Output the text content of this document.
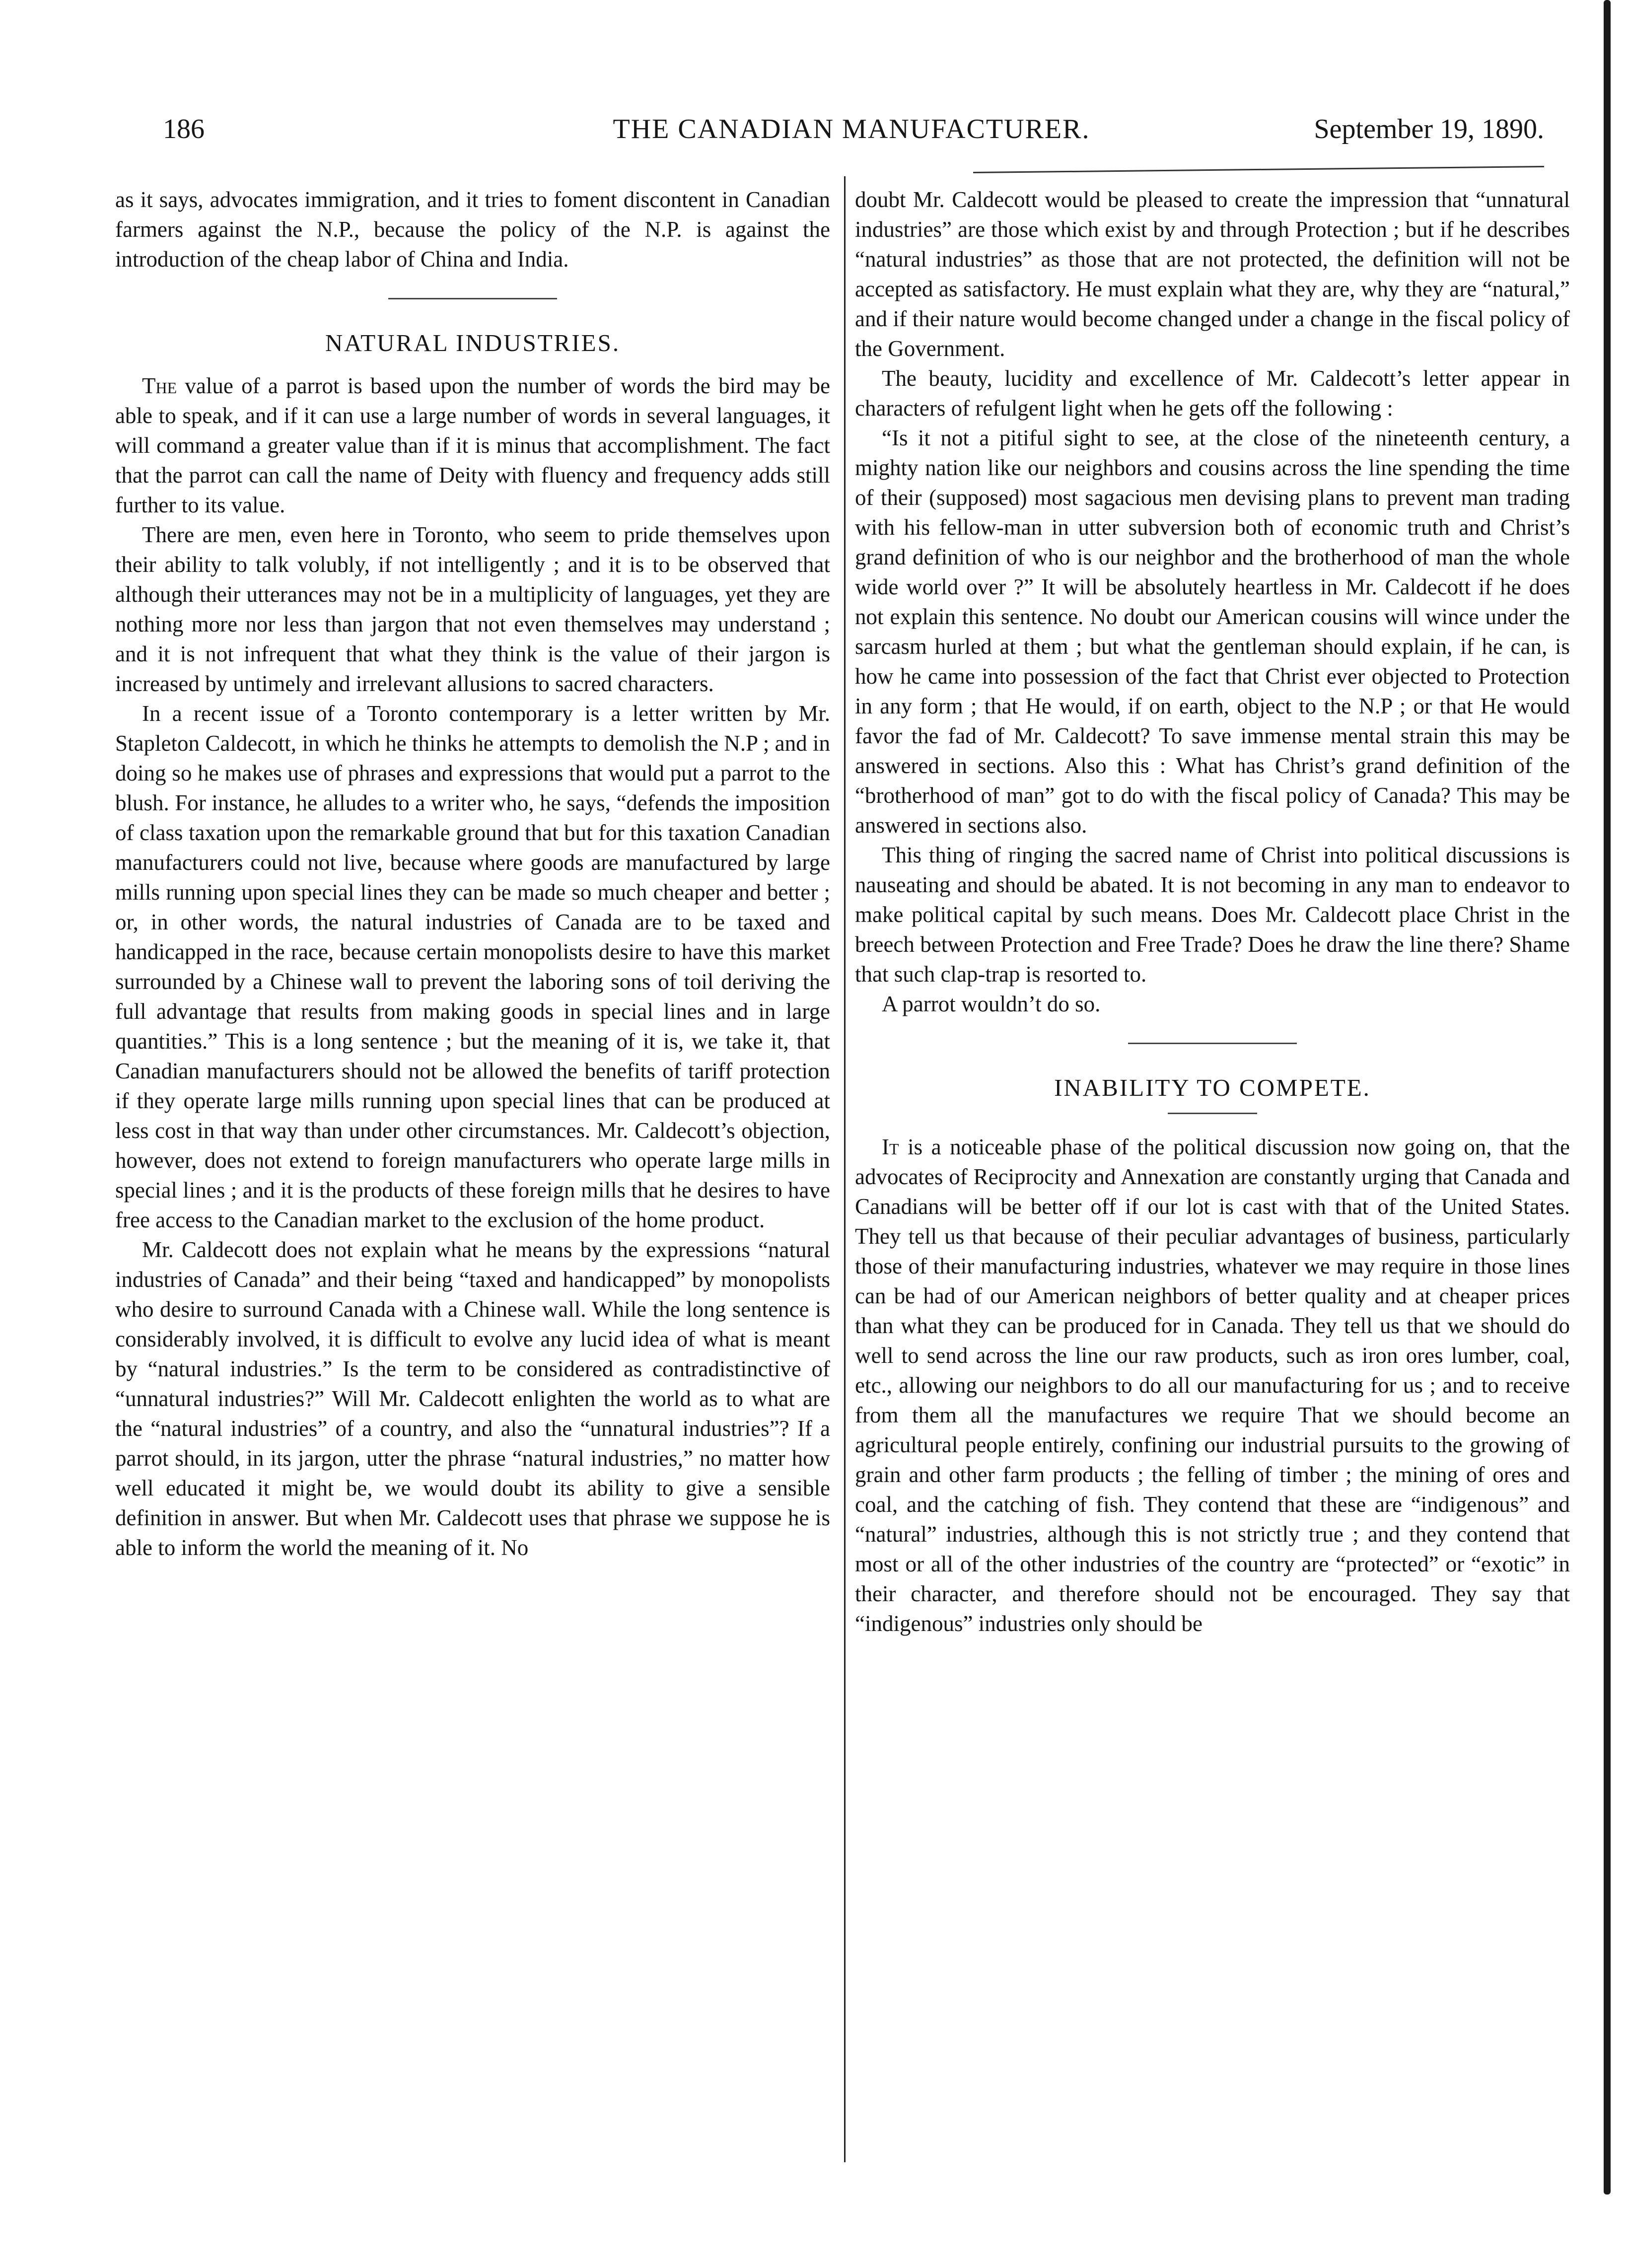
186	THE CANADIAN MANUFACTURER.	September 19, 1890.

as it says, advocates immigration, and it tries to foment discontent in Canadian farmers against the N.P., because the policy of the N.P. is against the introduction of the cheap labor of China and India.

NATURAL INDUSTRIES.

The value of a parrot is based upon the number of words the bird may be able to speak, and if it can use a large number of words in several languages, it will command a greater value than if it is minus that accomplishment. The fact that the parrot can call the name of Deity with fluency and frequency adds still further to its value.

There are men, even here in Toronto, who seem to pride themselves upon their ability to talk volubly, if not intelligently ; and it is to be observed that although their utterances may not be in a multiplicity of languages, yet they are nothing more nor less than jargon that not even themselves may understand ; and it is not infrequent that what they think is the value of their jargon is increased by untimely and irrelevant allusions to sacred characters.

In a recent issue of a Toronto contemporary is a letter written by Mr. Stapleton Caldecott, in which he thinks he attempts to demolish the N.P ; and in doing so he makes use of phrases and expressions that would put a parrot to the blush. For instance, he alludes to a writer who, he says, “defends the imposition of class taxation upon the remarkable ground that but for this taxation Canadian manufacturers could not live, because where goods are manufactured by large mills running upon special lines they can be made so much cheaper and better ; or, in other words, the natural industries of Canada are to be taxed and handicapped in the race, because certain monopolists desire to have this market surrounded by a Chinese wall to prevent the laboring sons of toil deriving the full advantage that results from making goods in special lines and in large quantities.” This is a long sentence ; but the meaning of it is, we take it, that Canadian manufacturers should not be allowed the benefits of tariff protection if they operate large mills running upon special lines that can be produced at less cost in that way than under other circumstances. Mr. Caldecott’s objection, however, does not extend to foreign manufacturers who operate large mills in special lines ; and it is the products of these foreign mills that he desires to have free access to the Canadian market to the exclusion of the home product.

Mr. Caldecott does not explain what he means by the expressions “natural industries of Canada” and their being “taxed and handicapped” by monopolists who desire to surround Canada with a Chinese wall. While the long sentence is considerably involved, it is difficult to evolve any lucid idea of what is meant by “natural industries.” Is the term to be considered as contradistinctive of “unnatural industries?” Will Mr. Caldecott enlighten the world as to what are the “natural industries” of a country, and also the “unnatural industries”? If a parrot should, in its jargon, utter the phrase “natural industries,” no matter how well educated it might be, we would doubt its ability to give a sensible definition in answer. But when Mr. Caldecott uses that phrase we suppose he is able to inform the world the meaning of it. No

doubt Mr. Caldecott would be pleased to create the impression that “unnatural industries” are those which exist by and through Protection ; but if he describes “natural industries” as those that are not protected, the definition will not be accepted as satisfactory. He must explain what they are, why they are “natural,” and if their nature would become changed under a change in the fiscal policy of the Government.

The beauty, lucidity and excellence of Mr. Caldecott’s letter appear in characters of refulgent light when he gets off the following :

“Is it not a pitiful sight to see, at the close of the nineteenth century, a mighty nation like our neighbors and cousins across the line spending the time of their (supposed) most sagacious men devising plans to prevent man trading with his fellow-man in utter subversion both of economic truth and Christ’s grand definition of who is our neighbor and the brotherhood of man the whole wide world over ?” It will be absolutely heartless in Mr. Caldecott if he does not explain this sentence. No doubt our American cousins will wince under the sarcasm hurled at them ; but what the gentleman should explain, if he can, is how he came into possession of the fact that Christ ever objected to Protection in any form ; that He would, if on earth, object to the N.P ; or that He would favor the fad of Mr. Caldecott? To save immense mental strain this may be answered in sections. Also this : What has Christ’s grand definition of the “brotherhood of man” got to do with the fiscal policy of Canada? This may be answered in sections also.

This thing of ringing the sacred name of Christ into political discussions is nauseating and should be abated. It is not becoming in any man to endeavor to make political capital by such means. Does Mr. Caldecott place Christ in the breech between Protection and Free Trade? Does he draw the line there? Shame that such clap-trap is resorted to.

A parrot wouldn’t do so.

INABILITY TO COMPETE.

It is a noticeable phase of the political discussion now going on, that the advocates of Reciprocity and Annexation are constantly urging that Canada and Canadians will be better off if our lot is cast with that of the United States. They tell us that because of their peculiar advantages of business, particularly those of their manufacturing industries, whatever we may require in those lines can be had of our American neighbors of better quality and at cheaper prices than what they can be produced for in Canada. They tell us that we should do well to send across the line our raw products, such as iron ores lumber, coal, etc., allowing our neighbors to do all our manufacturing for us ; and to receive from them all the manufactures we require That we should become an agricultural people entirely, confining our industrial pursuits to the growing of grain and other farm products ; the felling of timber ; the mining of ores and coal, and the catching of fish. They contend that these are “indigenous” and “natural” industries, although this is not strictly true ; and they contend that most or all of the other industries of the country are “protected” or “exotic” in their character, and therefore should not be encouraged. They say that “indigenous” industries only should be
